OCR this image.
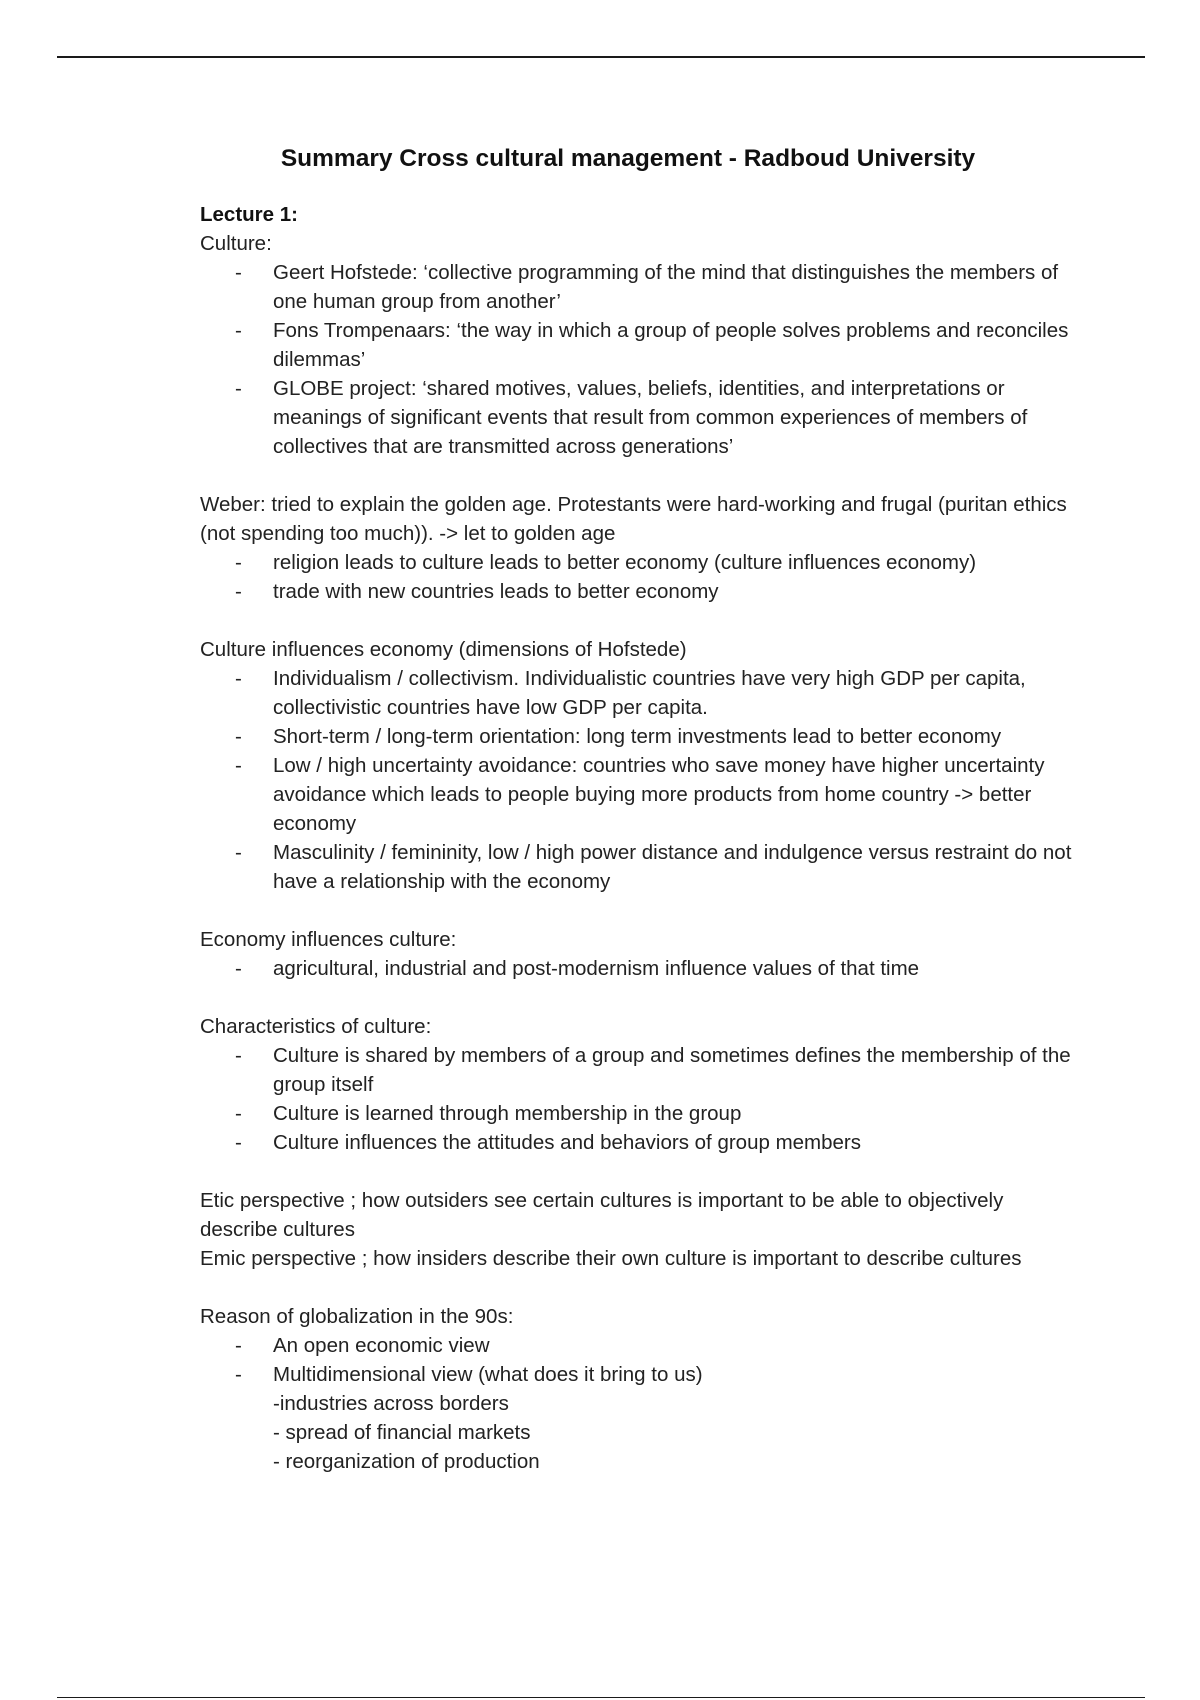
Summary Cross cultural management - Radboud University
Lecture 1:

Culture:

- Geert Hofstede: ‘collective programming of the mind that distinguishes the members of one human group from another’
- Fons Trompenaars: ‘the way in which a group of people solves problems and reconciles dilemmas’
- GLOBE project: ‘shared motives, values, beliefs, identities, and interpretations or meanings of significant events that result from common experiences of members of collectives that are transmitted across generations’

Weber: tried to explain the golden age. Protestants were hard-working and frugal (puritan ethics (not spending too much)). -> let to golden age

- religion leads to culture leads to better economy (culture influences economy)
- trade with new countries leads to better economy

Culture influences economy (dimensions of Hofstede)

- Individualism / collectivism. Individualistic countries have very high GDP per capita, collectivistic countries have low GDP per capita.
- Short-term / long-term orientation: long term investments lead to better economy
- Low / high uncertainty avoidance: countries who save money have higher uncertainty avoidance which leads to people buying more products from home country -> better economy
- Masculinity / femininity, low / high power distance and indulgence versus restraint do not have a relationship with the economy

Economy influences culture:

- agricultural, industrial and post-modernism influence values of that time

Characteristics of culture:

- Culture is shared by members of a group and sometimes defines the membership of the group itself
- Culture is learned through membership in the group
- Culture influences the attitudes and behaviors of group members

Etic perspective ; how outsiders see certain cultures is important to be able to objectively describe cultures

Emic perspective ; how insiders describe their own culture is important to describe cultures

Reason of globalization in the 90s:

- An open economic view
- Multidimensional view (what does it bring to us)
-industries across borders
- spread of financial markets
- reorganization of production
